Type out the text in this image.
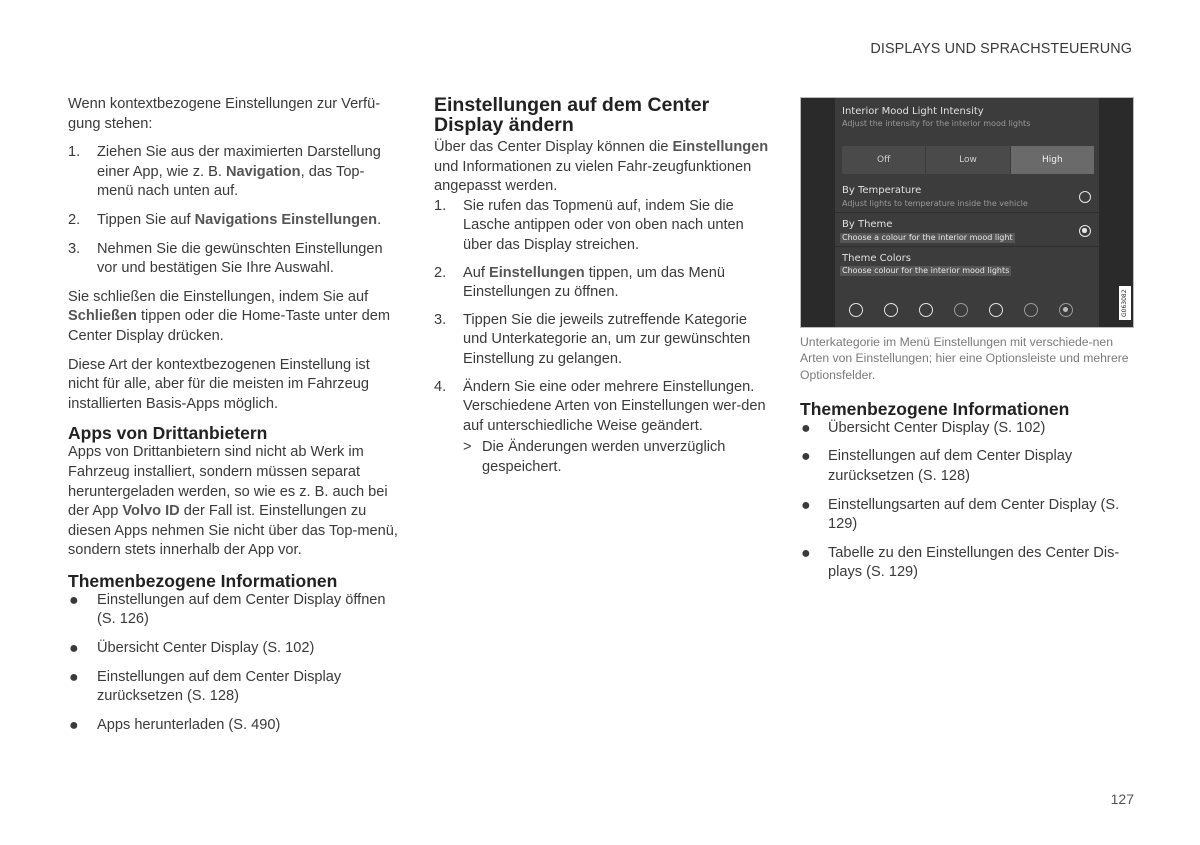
DISPLAYS UND SPRACHSTEUERUNG

Wenn kontextbezogene Einstellungen zur Verfü-gung stehen:

1. Ziehen Sie aus der maximierten Darstellung einer App, wie z. B. Navigation, das Top-menü nach unten auf.
2. Tippen Sie auf Navigations Einstellungen.
3. Nehmen Sie die gewünschten Einstellungen vor und bestätigen Sie Ihre Auswahl.

Sie schließen die Einstellungen, indem Sie auf Schließen tippen oder die Home-Taste unter dem Center Display drücken.

Diese Art der kontextbezogenen Einstellung ist nicht für alle, aber für die meisten im Fahrzeug installierten Basis-Apps möglich.

Apps von Drittanbietern

Apps von Drittanbietern sind nicht ab Werk im Fahrzeug installiert, sondern müssen separat heruntergeladen werden, so wie es z. B. auch bei der App Volvo ID der Fall ist. Einstellungen zu diesen Apps nehmen Sie nicht über das Top-menü, sondern stets innerhalb der App vor.

Themenbezogene Informationen
● Einstellungen auf dem Center Display öffnen (S. 126)
● Übersicht Center Display (S. 102)
● Einstellungen auf dem Center Display zurücksetzen (S. 128)
● Apps herunterladen (S. 490)
Einstellungen auf dem Center Display ändern

Über das Center Display können die Einstellungen und Informationen zu vielen Fahr-zeugfunktionen angepasst werden.

1. Sie rufen das Topmenü auf, indem Sie die Lasche antippen oder von oben nach unten über das Display streichen.
2. Auf Einstellungen tippen, um das Menü Einstellungen zu öffnen.
3. Tippen Sie die jeweils zutreffende Kategorie und Unterkategorie an, um zur gewünschten Einstellung zu gelangen.
4. Ändern Sie eine oder mehrere Einstellungen. Verschiedene Arten von Einstellungen wer-den auf unterschiedliche Weise geändert.
> Die Änderungen werden unverzüglich gespeichert.
Interior Mood Light Intensity
Adjust the intensity for the interior mood lights
Off	Low	High
By Temperature
Adjust lights to temperature inside the vehicle
By Theme
Choose a colour for the interior mood light
Theme Colors
Choose colour for the interior mood lights
G063082
Unterkategorie im Menü Einstellungen mit verschiede-nen Arten von Einstellungen; hier eine Optionsleiste und mehrere Optionsfelder.
Themenbezogene Informationen
● Übersicht Center Display (S. 102)
● Einstellungen auf dem Center Display zurücksetzen (S. 128)
● Einstellungsarten auf dem Center Display (S. 129)
● Tabelle zu den Einstellungen des Center Dis-plays (S. 129)
127
